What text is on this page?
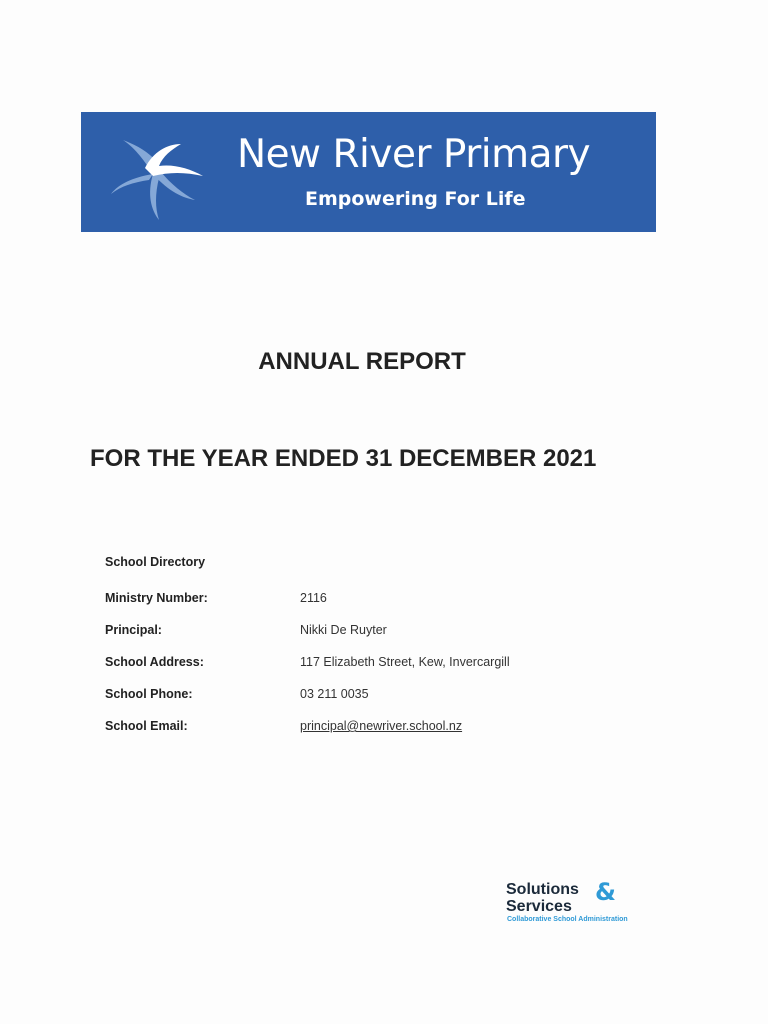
New River Primary
Empowering For Life
ANNUAL REPORT
FOR THE YEAR ENDED 31 DECEMBER 2021
School Directory
Ministry Number:	2116
Principal:	Nikki De Ruyter
School Address:	117 Elizabeth Street, Kew, Invercargill
School Phone:	03 211 0035
School Email:	principal@newriver.school.nz
Solutions
Services
&
Collaborative School Administration
